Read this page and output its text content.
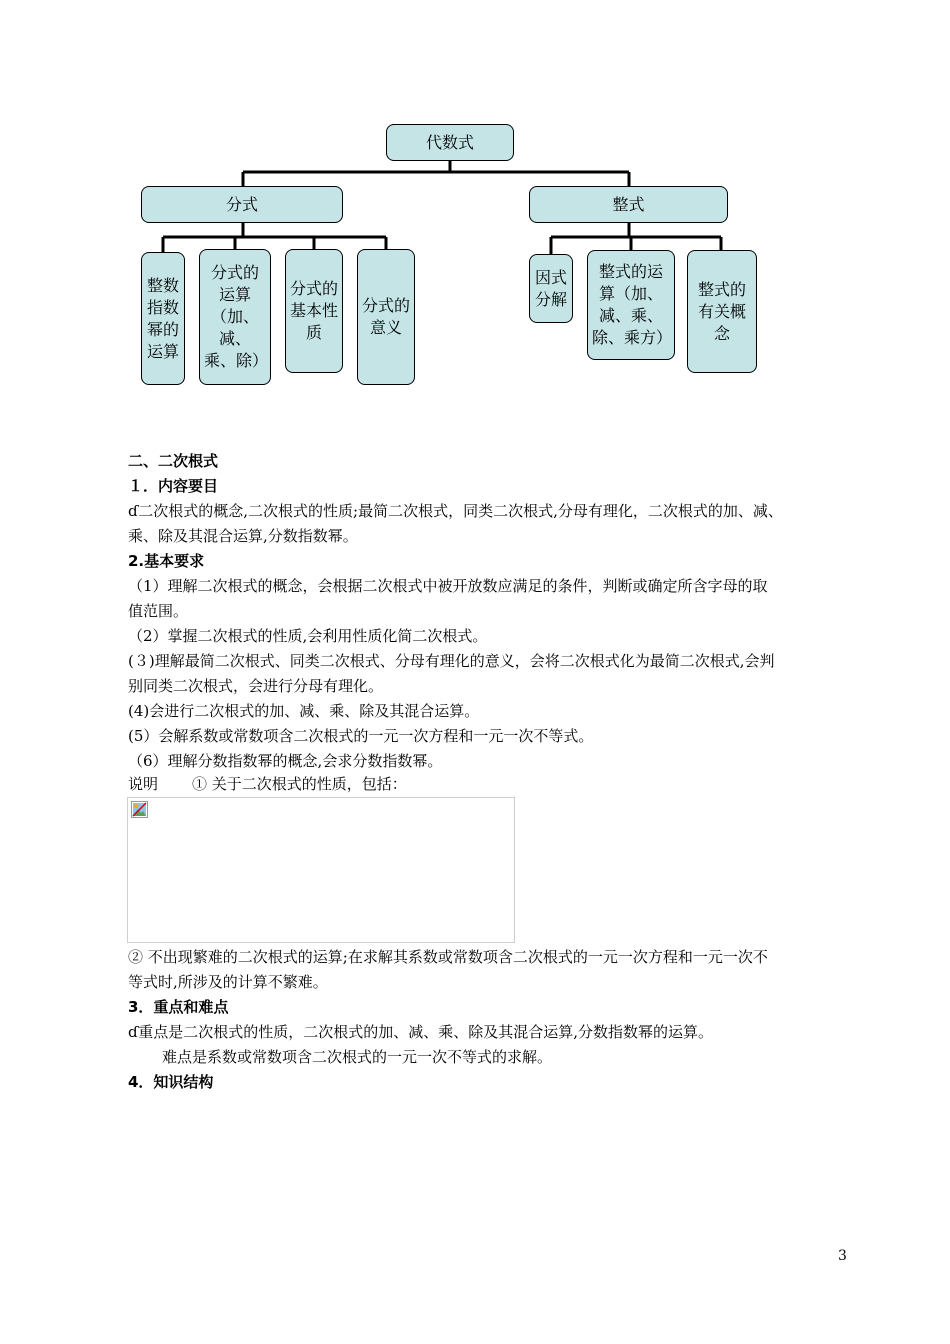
代数式
分式	整式
整数指数幂的运算
分式的运算（加、减、乘、除）
分式的基本性质
分式的意义
因式分解
整式的运算（加、减、乘、除、乘方）
整式的有关概念
二、二次根式
１．内容要目
ɗ二次根式的概念,二次根式的性质;最简二次根式，同类二次根式,分母有理化，二次根式的加、减、
乘、除及其混合运算,分数指数幂。
2.基本要求
（1）理解二次根式的概念，会根据二次根式中被开放数应满足的条件，判断或确定所含字母的取
值范围。
（2）掌握二次根式的性质,会利用性质化简二次根式。
(３)理解最简二次根式、同类二次根式、分母有理化的意义，会将二次根式化为最简二次根式,会判
别同类二次根式，会进行分母有理化。
(4)会进行二次根式的加、减、乘、除及其混合运算。
(5）会解系数或常数项含二次根式的一元一次方程和一元一次不等式。
（6）理解分数指数幂的概念,会求分数指数幂。
说明 ① 关于二次根式的性质，包括：
② 不出现繁难的二次根式的运算;在求解其系数或常数项含二次根式的一元一次方程和一元一次不
等式时,所涉及的计算不繁难。
3．重点和难点
ɗ重点是二次根式的性质，二次根式的加、减、乘、除及其混合运算,分数指数幂的运算。
难点是系数或常数项含二次根式的一元一次不等式的求解。
4．知识结构
3
